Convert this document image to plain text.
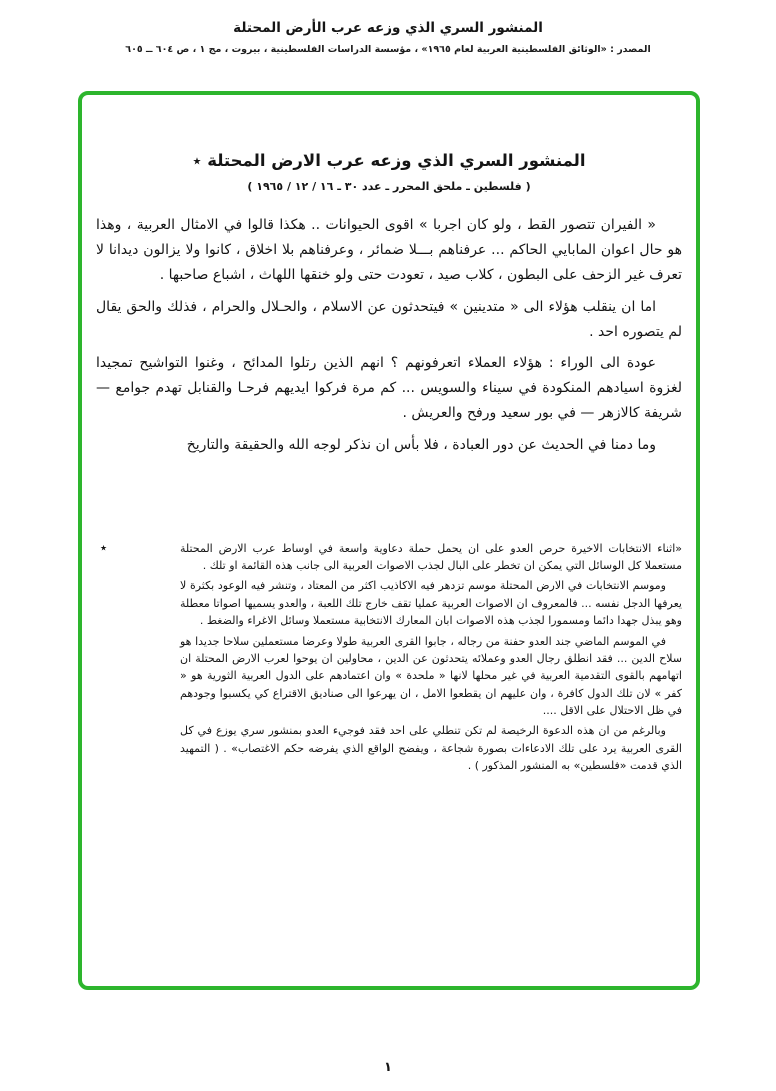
المنشور السري الذي وزعه عرب الأرض المحتلة
المصدر : «الوثائق الفلسطينية العربية لعام ١٩٦٥» ، مؤسسة الدراسات الفلسطينية ، بيروت ، مج ١ ، ص ٦٠٤ ــ ٦٠٥
المنشور السري الذي وزعه عرب الارض المحتلة ٭
( فلسطين ـ ملحق المحرر ـ عدد ٣٠ ـ ١٦ / ١٢ / ١٩٦٥ )

« الفيران تتصور القط ، ولو كان اجربا » اقوى الحيوانات .. هكذا قالوا في الامثال العربية ، وهذا هو حال اعوان المابايي الحاكم ... عرفناهم بـــلا ضمائر ، وعرفناهم بلا اخلاق ، كانوا ولا يزالون ديدانا لا تعرف غير الزحف على البطون ، كلاب صيد ، تعودت حتى ولو خنقها اللهاث ، اشباع صاحبها .

اما ان ينقلب هؤلاء الى « متدينين » فيتحدثون عن الاسلام ، والحـلال والحرام ، فذلك والحق يقال لم يتصوره احد .

عودة الى الوراء : هؤلاء العملاء اتعرفونهم ؟ انهم الذين رتلوا المدائح ، وغنوا التواشيح تمجيدا لغزوة اسيادهم المنكودة في سيناء والسويس ... كم مرة فركوا ايديهم فرحـا والقنابل تهدم جوامع — شريفة كالازهر — في بور سعيد ورفح والعريش .

وما دمنا في الحديث عن دور العبادة ، فلا بأس ان نذكر لوجه الله والحقيقة والتاريخ

٭	«اثناء الانتخابات الاخيرة حرص العدو على ان يحمل حملة دعاوية واسعة في اوساط عرب الارض المحتلة مستعملا كل الوسائل التي يمكن ان تخطر على البال لجذب الاصوات العربية الى جانب هذه القائمة او تلك .

وموسم الانتخابات في الارض المحتلة موسم تزدهر فيه الاكاذيب اكثر من المعتاد ، وتنشر فيه الوعود بكثرة لا يعرفها الدجل نفسه ... فالمعروف ان الاصوات العربية عمليا تقف خارج تلك اللعبة ، والعدو يسميها اصواتا معطلة وهو يبذل جهدا دائما ومسمورا لجذب هذه الاصوات ابان المعارك الانتخابية مستعملا وسائل الاغراء والضغط .

في الموسم الماضي جند العدو حفنة من رجاله ، جابوا القرى العربية طولا وعرضا مستعملين سلاحا جديدا هو سلاح الدين ... فقد انطلق رجال العدو وعملائه يتحدثون عن الدين ، محاولين ان يوحوا لعرب الارض المحتلة ان اتهامهم بالقوى التقدمية العربية في غير محلها لانها « ملحدة » وان اعتمادهم على الدول العربية الثورية هو « كفر » لان تلك الدول كافرة ، وان عليهم ان يقطعوا الامل ، ان يهرعوا الى صناديق الاقتراع كي يكسبوا وجودهم في ظل الاحتلال على الاقل ....

وبالرغم من ان هذه الدعوة الرخيصة لم تكن تنطلي على احد فقد فوجيء العدو بمنشور سري يوزع في كل القرى العربية يرد على تلك الادعاءات بصورة شجاعة ، ويفضح الواقع الذي يفرضه حكم الاغتصاب» . ( التمهيد الذي قدمت «فلسطين» به المنشور المذكور ) .

١
